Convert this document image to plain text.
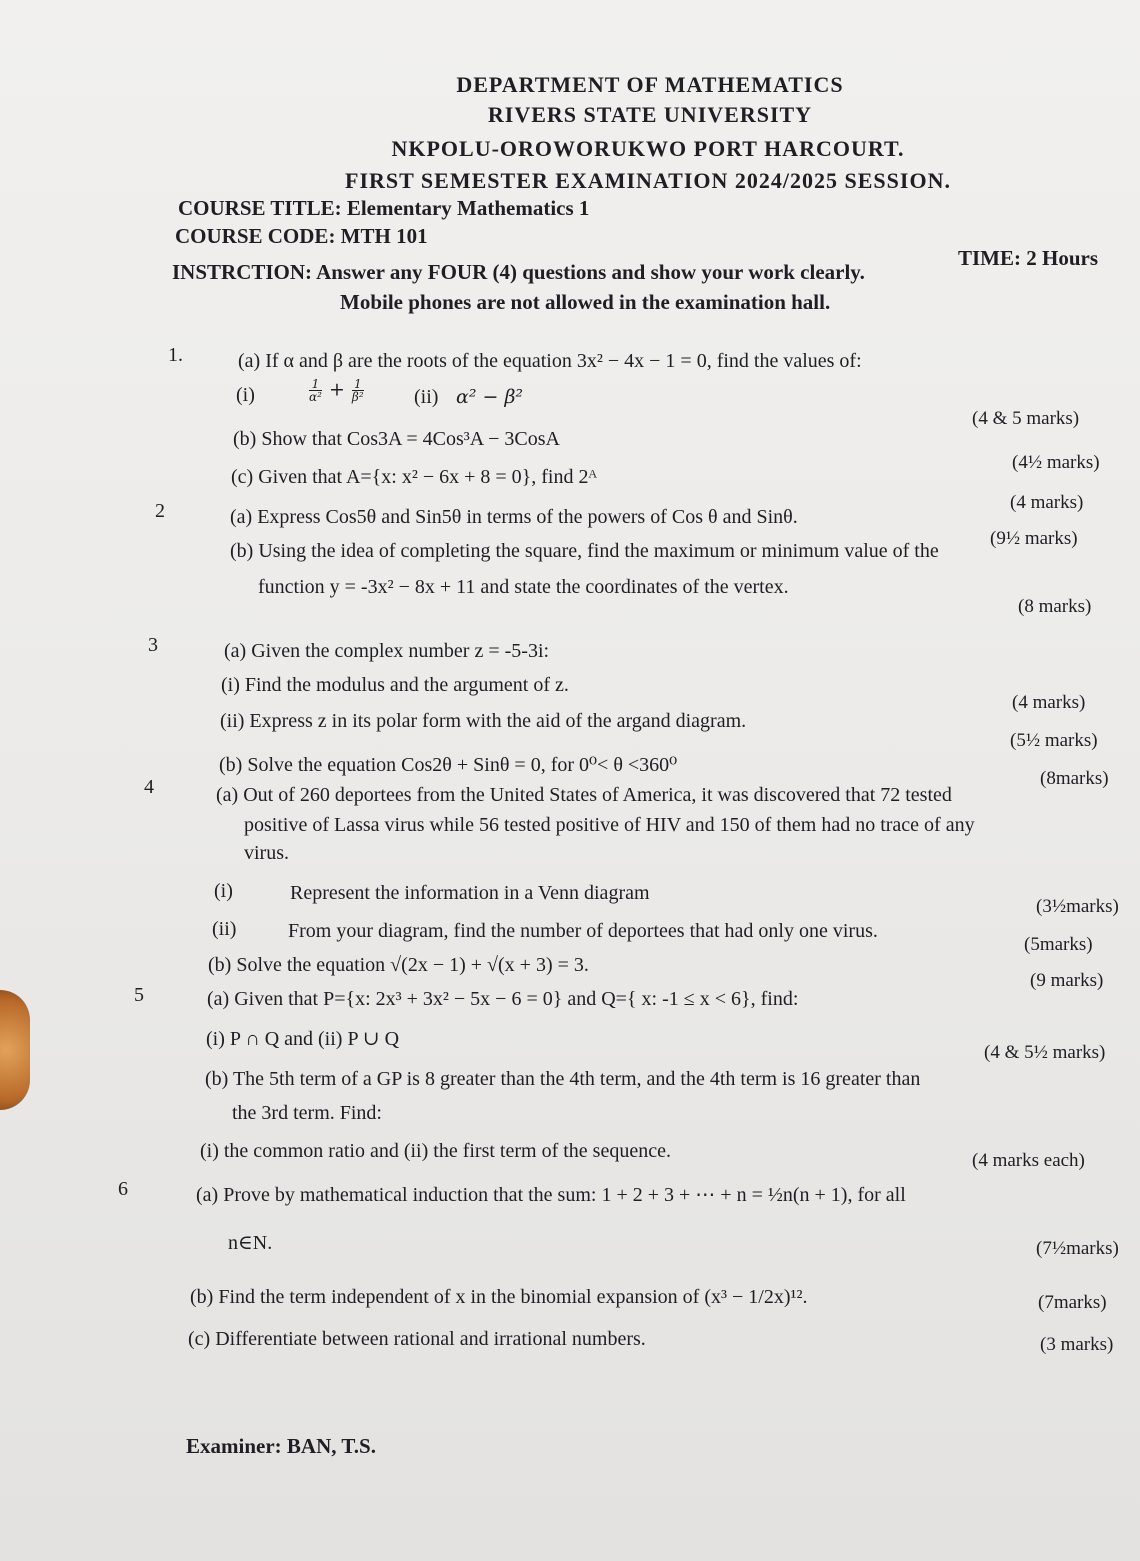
DEPARTMENT OF MATHEMATICS
RIVERS STATE UNIVERSITY
NKPOLU-OROWORUKWO PORT HARCOURT.
FIRST SEMESTER EXAMINATION 2024/2025 SESSION.
COURSE TITLE: Elementary Mathematics 1
COURSE CODE: MTH 101
TIME: 2 Hours
INSTRCTION: Answer any FOUR (4) questions and show your work clearly.
Mobile phones are not allowed in the examination hall.
1.	(a) If α and β are the roots of the equation 3x² − 4x − 1 = 0, find the values of:
(i)	$\frac{1}{\text{α²}} + \frac{1}{\text{β²}}$	(ii) α² − β²
(4 & 5 marks)
(b) Show that Cos3A = 4Cos³A − 3CosA
(4½ marks)
(c) Given that A={x: x² − 6x + 8 = 0}, find 2ᴬ
(4 marks)
2	(a) Express Cos5θ and Sin5θ in terms of the powers of Cos θ and Sinθ.
(9½ marks)
(b) Using the idea of completing the square, find the maximum or minimum value of the
function y = -3x² − 8x + 11 and state the coordinates of the vertex.
(8 marks)
3	(a) Given the complex number z = -5-3i:
(i) Find the modulus and the argument of z.
(4 marks)
(ii) Express z in its polar form with the aid of the argand diagram.
(5½ marks)
(b) Solve the equation Cos2θ + Sinθ = 0, for 0⁰< θ <360⁰
(8marks)
4	(a) Out of 260 deportees from the United States of America, it was discovered that 72 tested
positive of Lassa virus while 56 tested positive of HIV and 150 of them had no trace of any
virus.
(i)	Represent the information in a Venn diagram
(3½marks)
(ii)	From your diagram, find the number of deportees that had only one virus.
(5marks)
(b) Solve the equation √(2x − 1) + √(x + 3) = 3.
(9 marks)
5	(a) Given that P={x: 2x³ + 3x² − 5x − 6 = 0} and Q={ x: -1 ≤ x < 6}, find:
(i) P ∩ Q and (ii) P ∪ Q
(4 & 5½ marks)
(b) The 5th term of a GP is 8 greater than the 4th term, and the 4th term is 16 greater than
the 3rd term. Find:
(i) the common ratio and (ii) the first term of the sequence.	(4 marks each)
6	(a) Prove by mathematical induction that the sum: 1 + 2 + 3 + ⋯ + n = ½n(n + 1), for all
n∈N.	(7½marks)
(b) Find the term independent of x in the binomial expansion of (x³ − 1/2x)¹².	(7marks)
(c) Differentiate between rational and irrational numbers.	(3 marks)
Examiner: BAN, T.S.
